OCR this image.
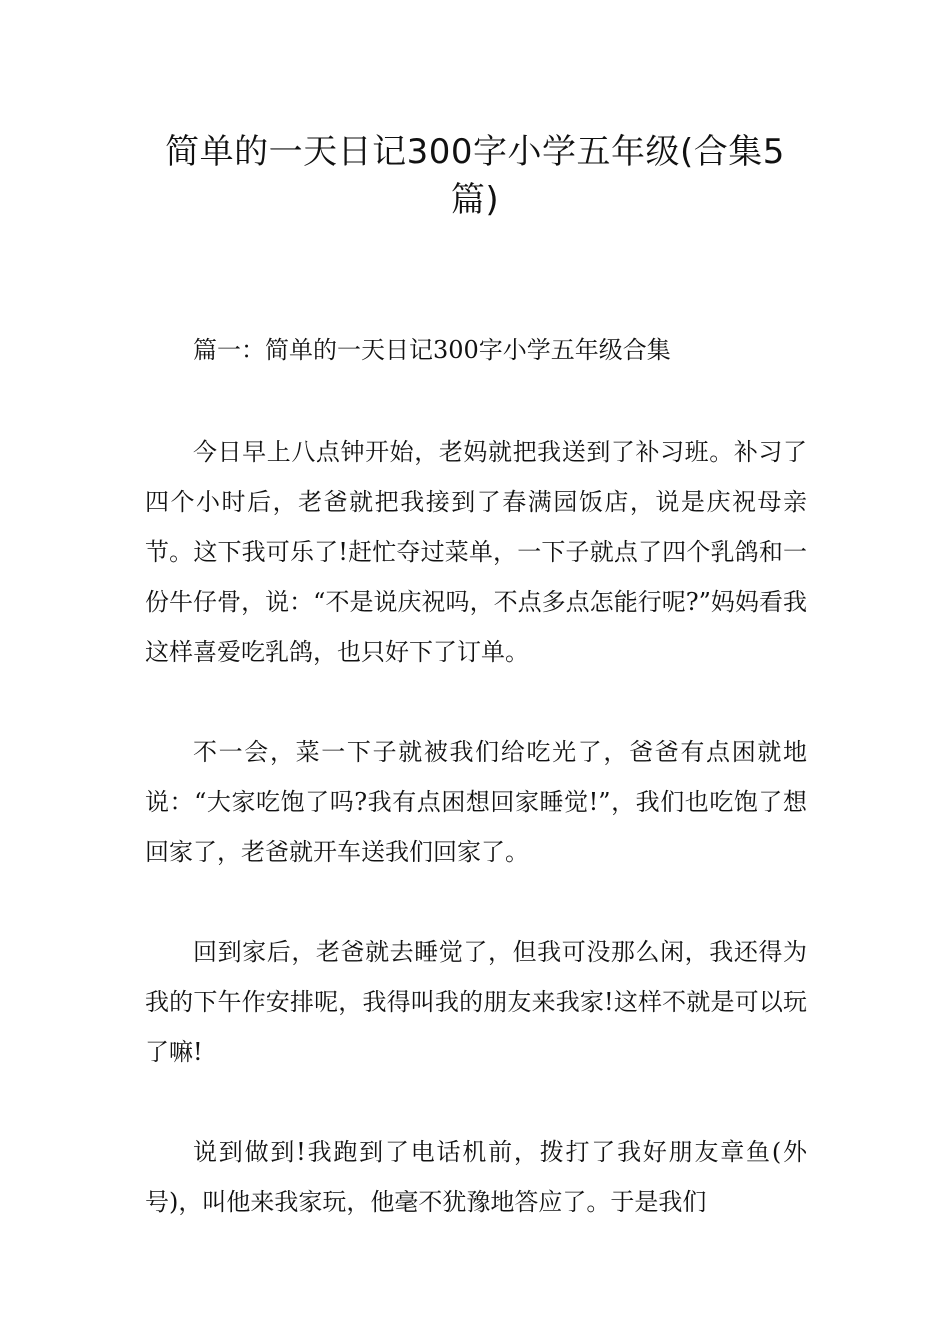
简单的一天日记300字小学五年级(合集5篇)

篇一：简单的一天日记300字小学五年级合集

今日早上八点钟开始，老妈就把我送到了补习班。补习了四个小时后，老爸就把我接到了春满园饭店，说是庆祝母亲节。这下我可乐了!赶忙夺过菜单，一下子就点了四个乳鸽和一份牛仔骨，说：“不是说庆祝吗，不点多点怎能行呢?”妈妈看我这样喜爱吃乳鸽，也只好下了订单。

不一会，菜一下子就被我们给吃光了，爸爸有点困就地说：“大家吃饱了吗?我有点困想回家睡觉!”，我们也吃饱了想回家了，老爸就开车送我们回家了。

回到家后，老爸就去睡觉了，但我可没那么闲，我还得为我的下午作安排呢，我得叫我的朋友来我家!这样不就是可以玩了嘛!

说到做到!我跑到了电话机前，拨打了我好朋友章鱼(外号)，叫他来我家玩，他毫不犹豫地答应了。于是我们
